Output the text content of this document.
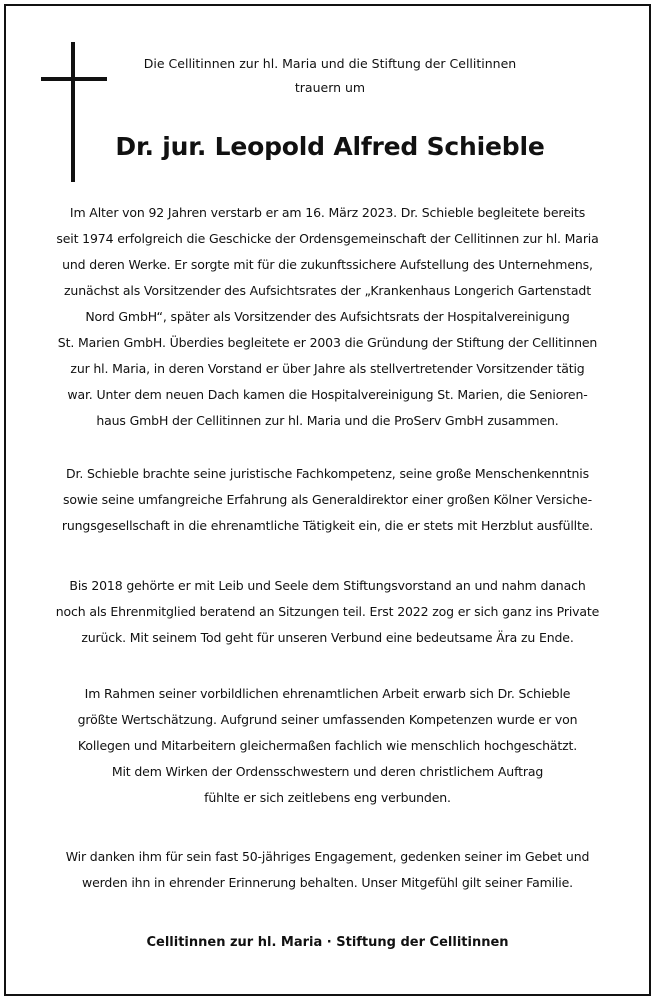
Die Cellitinnen zur hl. Maria und die Stiftung der Cellitinnen
trauern um
Dr. jur. Leopold Alfred Schieble
Im Alter von 92 Jahren verstarb er am 16. März 2023. Dr. Schieble begleitete bereits
seit 1974 erfolgreich die Geschicke der Ordensgemeinschaft der Cellitinnen zur hl. Maria
und deren Werke. Er sorgte mit für die zukunftssichere Aufstellung des Unternehmens,
zunächst als Vorsitzender des Aufsichtsrates der „Krankenhaus Longerich Gartenstadt
Nord GmbH“, später als Vorsitzender des Aufsichtsrats der Hospitalvereinigung
St. Marien GmbH. Überdies begleitete er 2003 die Gründung der Stiftung der Cellitinnen
zur hl. Maria, in deren Vorstand er über Jahre als stellvertretender Vorsitzender tätig
war. Unter dem neuen Dach kamen die Hospitalvereinigung St. Marien, die Senioren-
haus GmbH der Cellitinnen zur hl. Maria und die ProServ GmbH zusammen.
Dr. Schieble brachte seine juristische Fachkompetenz, seine große Menschenkenntnis
sowie seine umfangreiche Erfahrung als Generaldirektor einer großen Kölner Versiche-
rungsgesellschaft in die ehrenamtliche Tätigkeit ein, die er stets mit Herzblut ausfüllte.
Bis 2018 gehörte er mit Leib und Seele dem Stiftungsvorstand an und nahm danach
noch als Ehrenmitglied beratend an Sitzungen teil. Erst 2022 zog er sich ganz ins Private
zurück. Mit seinem Tod geht für unseren Verbund eine bedeutsame Ära zu Ende.
Im Rahmen seiner vorbildlichen ehrenamtlichen Arbeit erwarb sich Dr. Schieble
größte Wertschätzung. Aufgrund seiner umfassenden Kompetenzen wurde er von
Kollegen und Mitarbeitern gleichermaßen fachlich wie menschlich hochgeschätzt.
Mit dem Wirken der Ordensschwestern und deren christlichem Auftrag
fühlte er sich zeitlebens eng verbunden.
Wir danken ihm für sein fast 50-jähriges Engagement, gedenken seiner im Gebet und
werden ihn in ehrender Erinnerung behalten. Unser Mitgefühl gilt seiner Familie.
Cellitinnen zur hl. Maria · Stiftung der Cellitinnen
